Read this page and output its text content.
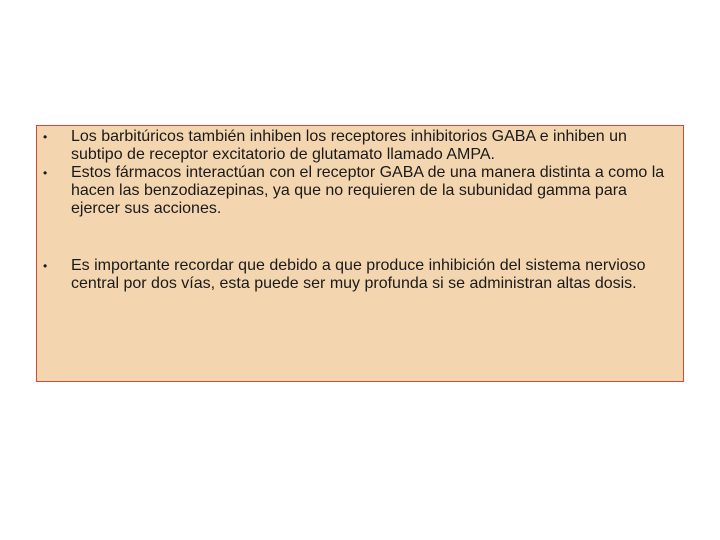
• Los barbitúricos también inhiben los receptores inhibitorios GABA e inhiben un subtipo de receptor excitatorio de glutamato llamado AMPA.
• Estos fármacos interactúan con el receptor GABA de una manera distinta a como la hacen las benzodiazepinas, ya que no requieren de la subunidad gamma para ejercer sus acciones.
• Es importante recordar que debido a que produce inhibición del sistema nervioso central por dos vías, esta puede ser muy profunda si se administran altas dosis.
